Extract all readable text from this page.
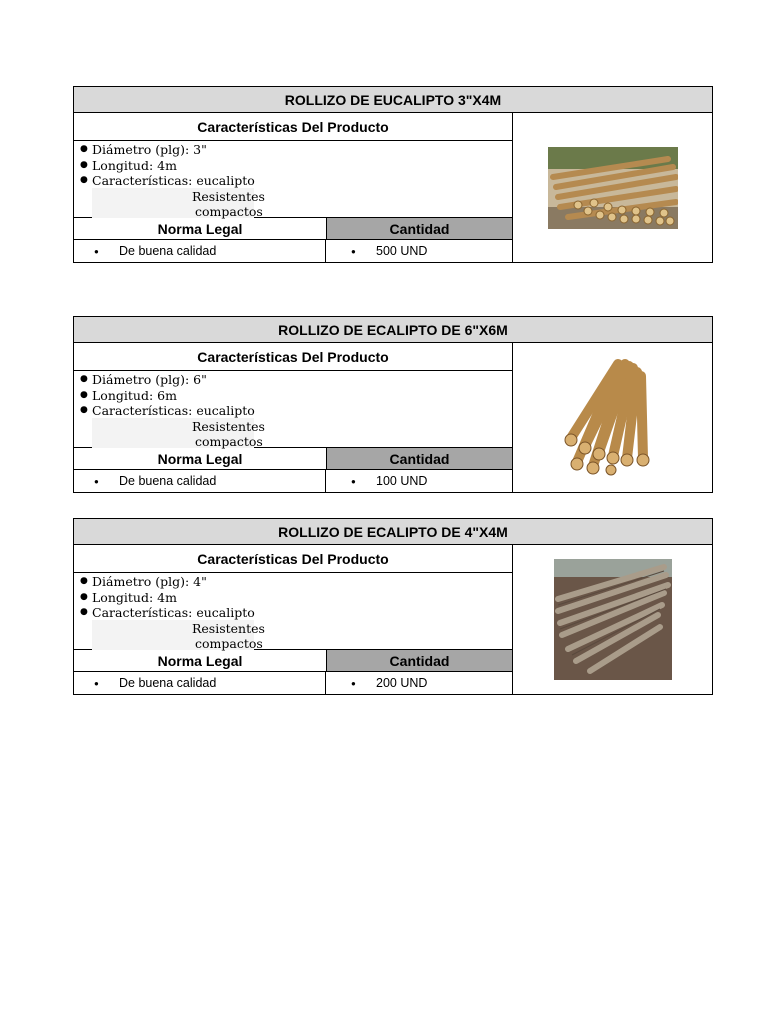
ROLLIZO DE EUCALIPTO 3"X4M
Características Del Producto
● Diámetro (plg): 3"
● Longitud: 4m
● Características: eucalipto
Resistentes
compactos
Norma Legal	Cantidad
●	De buena calidad	●	500 UND
ROLLIZO DE ECALIPTO DE 6"X6M
Características Del Producto
● Diámetro (plg): 6"
● Longitud: 6m
● Características: eucalipto
Resistentes
compactos
Norma Legal	Cantidad
●	De buena calidad	●	100 UND
ROLLIZO DE ECALIPTO DE 4"X4M
Características Del Producto
● Diámetro (plg): 4"
● Longitud: 4m
● Características: eucalipto
Resistentes
compactos
Norma Legal	Cantidad
●	De buena calidad	●	200 UND
